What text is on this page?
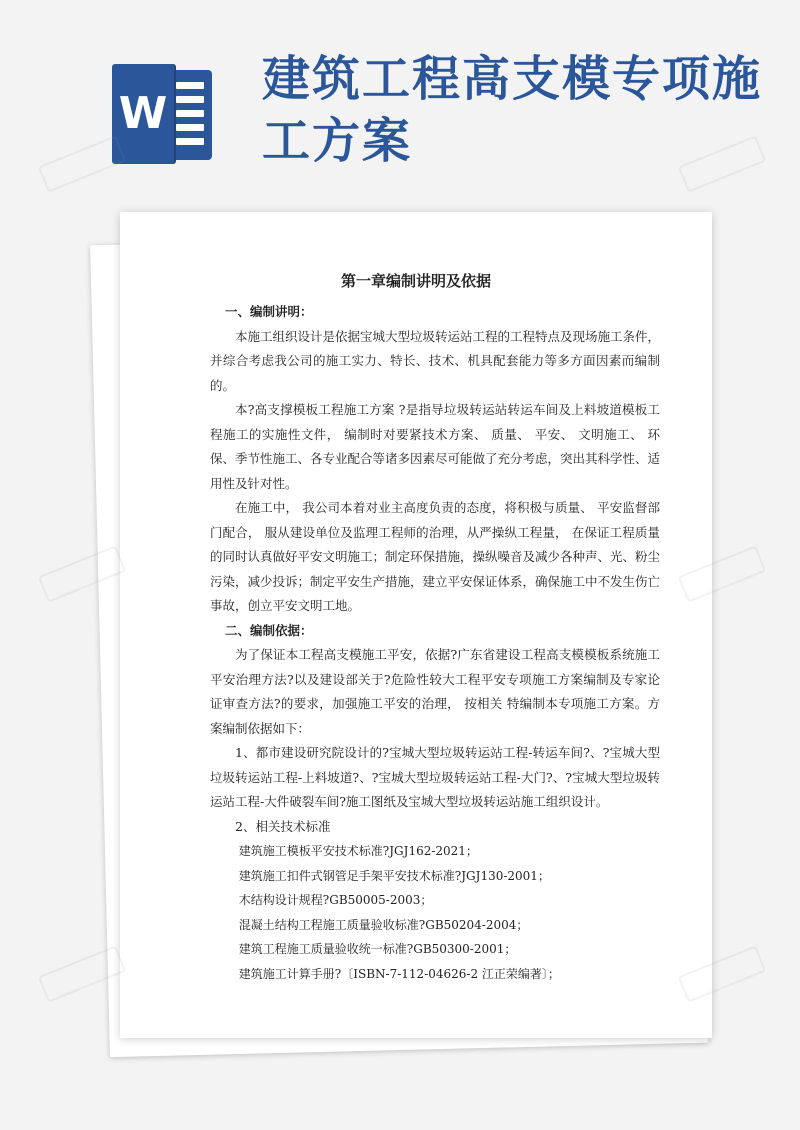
W
建筑工程高支模专项施工方案
第一章编制讲明及依据

一、编制讲明：

本施工组织设计是依据宝城大型垃圾转运站工程的工程特点及现场施工条件，并综合考虑我公司的施工实力、特长、技术、机具配套能力等多方面因素而编制的。

本?高支撑模板工程施工方案 ?是指导垃圾转运站转运车间及上料坡道模板工程施工的实施性文件， 编制时对要紧技术方案、 质量、 平安、 文明施工、 环保、季节性施工、各专业配合等诸多因素尽可能做了充分考虑，突出其科学性、适用性及针对性。

在施工中， 我公司本着对业主高度负责的态度，将积极与质量、 平安监督部门配合， 服从建设单位及监理工程师的治理，从严操纵工程量， 在保证工程质量的同时认真做好平安文明施工；制定环保措施，操纵噪音及减少各种声、光、粉尘污染，减少投诉；制定平安生产措施，建立平安保证体系，确保施工中不发生伤亡事故，创立平安文明工地。

二、编制依据：

为了保证本工程高支模施工平安，依据?广东省建设工程高支模模板系统施工平安治理方法?以及建设部关于?危险性较大工程平安专项施工方案编制及专家论证审查方法?的要求，加强施工平安的治理， 按相关 特编制本专项施工方案。方案编制依据如下：

1、都市建设研究院设计的?宝城大型垃圾转运站工程-转运车间?、?宝城大型垃圾转运站工程-上料坡道?、?宝城大型垃圾转运站工程-大门?、?宝城大型垃圾转运站工程-大件破裂车间?施工图纸及宝城大型垃圾转运站施工组织设计。

2、相关技术标准

建筑施工模板平安技术标准?JGJ162-2021；

建筑施工扣件式钢管足手架平安技术标准?JGJ130-2001；

木结构设计规程?GB50005-2003；

混凝土结构工程施工质量验收标准?GB50204-2004；

建筑工程施工质量验收统一标准?GB50300-2001；

建筑施工计算手册?〔ISBN-7-112-04626-2 江正荣编著〕；
